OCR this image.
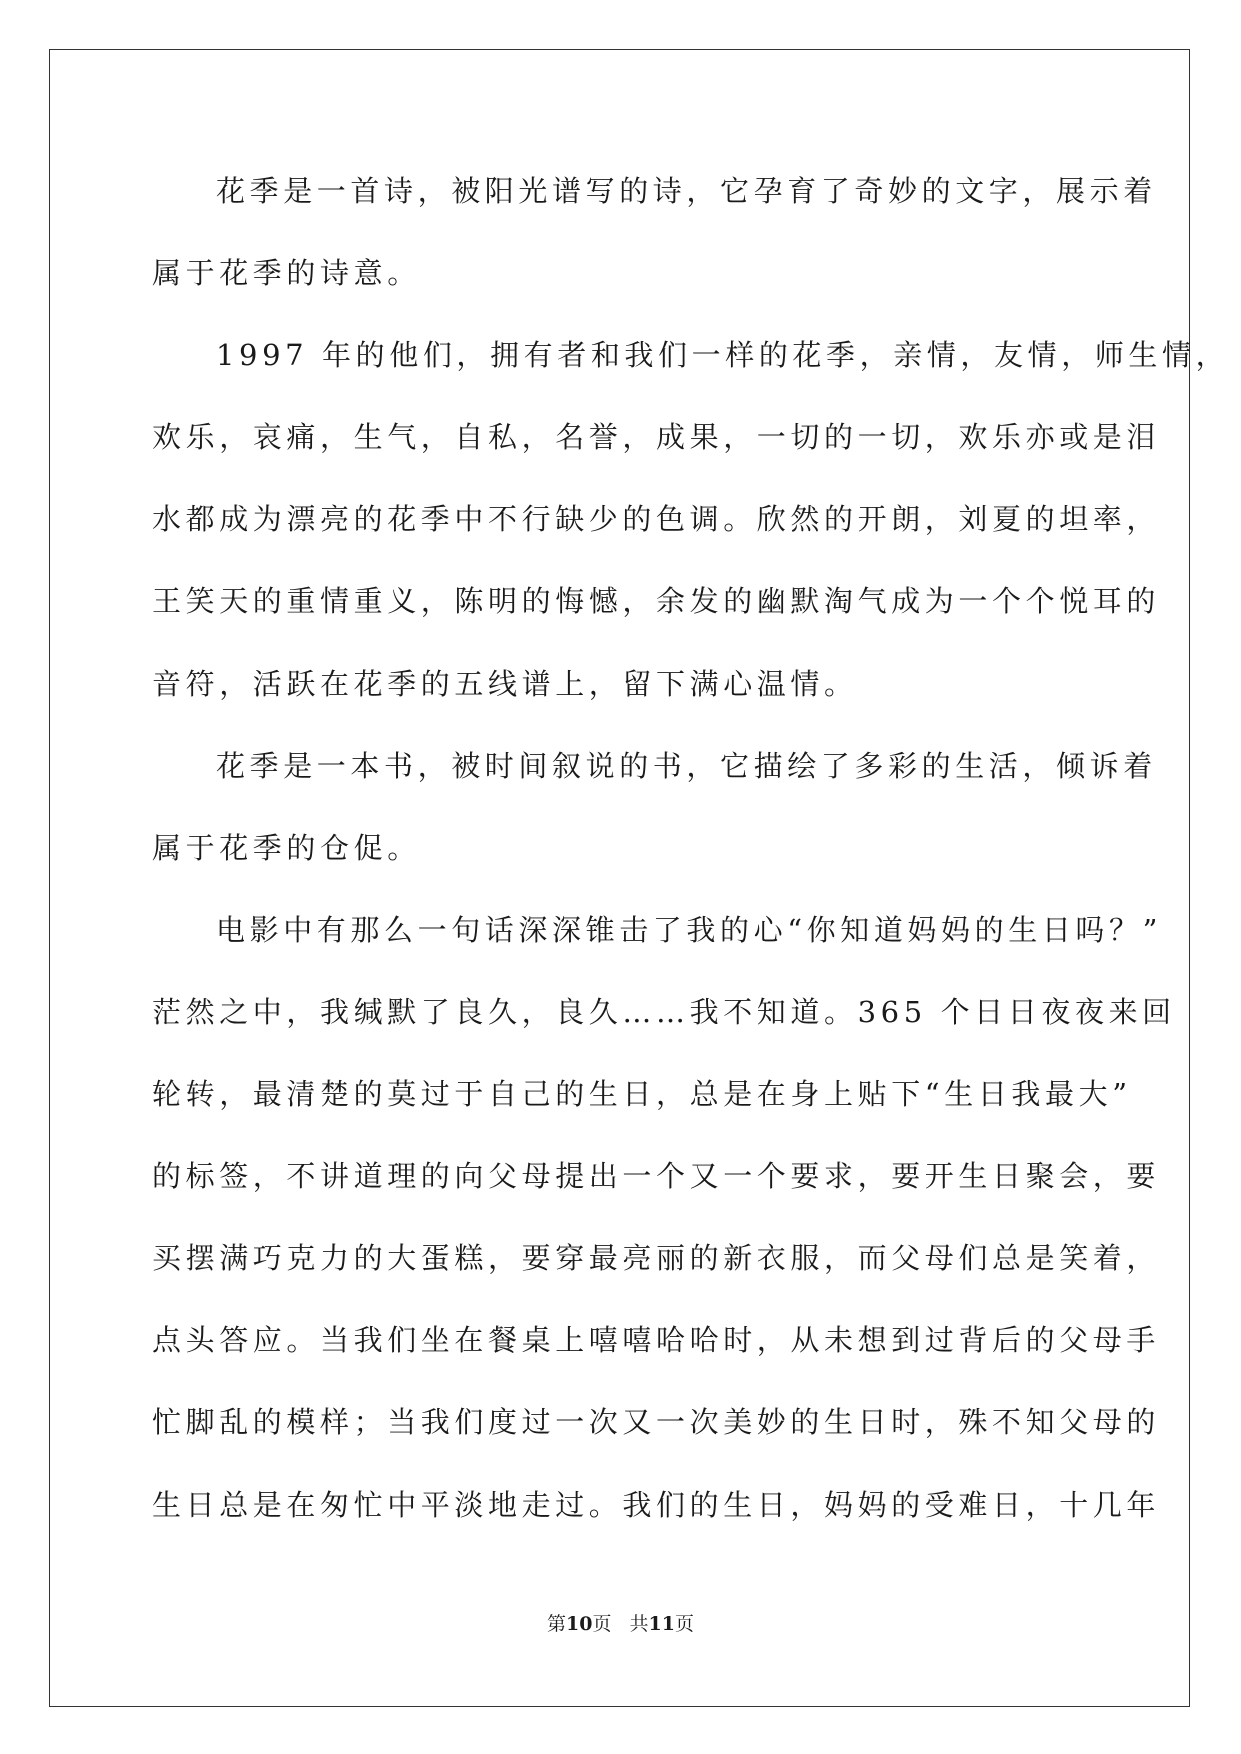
花季是一首诗，被阳光谱写的诗，它孕育了奇妙的文字，展示着
属于花季的诗意。
1997 年的他们，拥有者和我们一样的花季，亲情，友情，师生情，
欢乐，哀痛，生气，自私，名誉，成果，一切的一切，欢乐亦或是泪
水都成为漂亮的花季中不行缺少的色调。欣然的开朗，刘夏的坦率，
王笑天的重情重义，陈明的悔憾，余发的幽默淘气成为一个个悦耳的
音符，活跃在花季的五线谱上，留下满心温情。
花季是一本书，被时间叙说的书，它描绘了多彩的生活，倾诉着
属于花季的仓促。
电影中有那么一句话深深锥击了我的心“你知道妈妈的生日吗？”
茫然之中，我缄默了良久，良久……我不知道。365 个日日夜夜来回
轮转，最清楚的莫过于自己的生日，总是在身上贴下“生日我最大”
的标签，不讲道理的向父母提出一个又一个要求，要开生日聚会，要
买摆满巧克力的大蛋糕，要穿最亮丽的新衣服，而父母们总是笑着，
点头答应。当我们坐在餐桌上嘻嘻哈哈时，从未想到过背后的父母手
忙脚乱的模样；当我们度过一次又一次美妙的生日时，殊不知父母的
生日总是在匆忙中平淡地走过。我们的生日，妈妈的受难日，十几年
第10页 共11页
